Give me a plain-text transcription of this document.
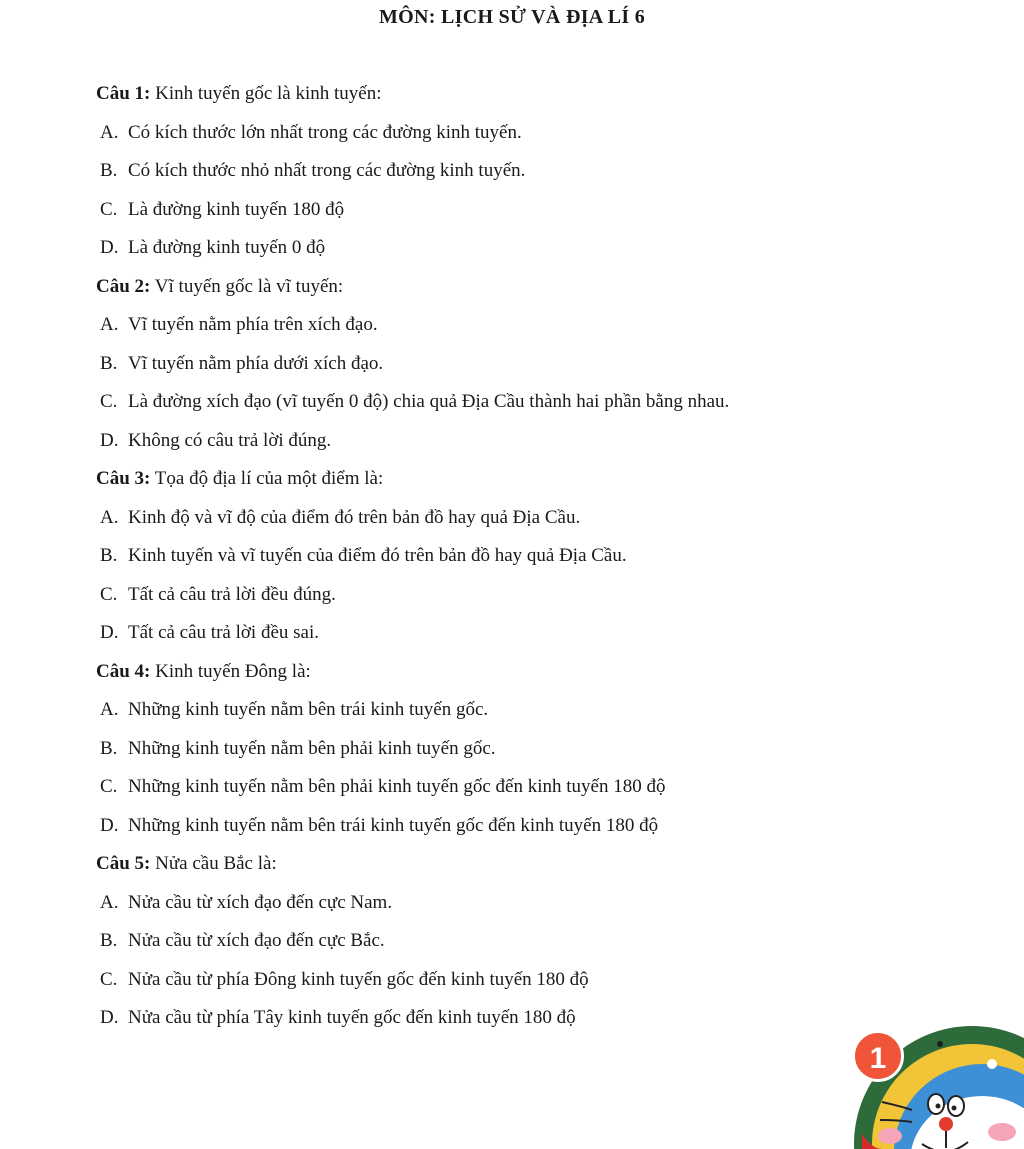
MÔN: LỊCH SỬ VÀ ĐỊA LÍ 6
Câu 1: Kinh tuyến gốc là kinh tuyến:
A. Có kích thước lớn nhất trong các đường kinh tuyến.
B. Có kích thước nhỏ nhất trong các đường kinh tuyến.
C. Là đường kinh tuyến 180 độ
D. Là đường kinh tuyến 0 độ
Câu 2: Vĩ tuyến gốc là vĩ tuyến:
A. Vĩ tuyến nằm phía trên xích đạo.
B. Vĩ tuyến nằm phía dưới xích đạo.
C. Là đường xích đạo (vĩ tuyến 0 độ) chia quả Địa Cầu thành hai phần bằng nhau.
D. Không có câu trả lời đúng.
Câu 3: Tọa độ địa lí của một điểm là:
A. Kinh độ và vĩ độ của điểm đó trên bản đồ hay quả Địa Cầu.
B. Kinh tuyến và vĩ tuyến của điểm đó trên bản đồ hay quả Địa Cầu.
C. Tất cả câu trả lời đều đúng.
D. Tất cả câu trả lời đều sai.
Câu 4: Kinh tuyến Đông là:
A. Những kinh tuyến nằm bên trái kinh tuyến gốc.
B. Những kinh tuyến nằm bên phải kinh tuyến gốc.
C. Những kinh tuyến nằm bên phải kinh tuyến gốc đến kinh tuyến 180 độ
D. Những kinh tuyến nằm bên trái kinh tuyến gốc đến kinh tuyến 180 độ
Câu 5: Nửa cầu Bắc là:
A. Nửa cầu từ xích đạo đến cực Nam.
B. Nửa cầu từ xích đạo đến cực Bắc.
C. Nửa cầu từ phía Đông kinh tuyến gốc đến kinh tuyến 180 độ
D. Nửa cầu từ phía Tây kinh tuyến gốc đến kinh tuyến 180 độ
1
